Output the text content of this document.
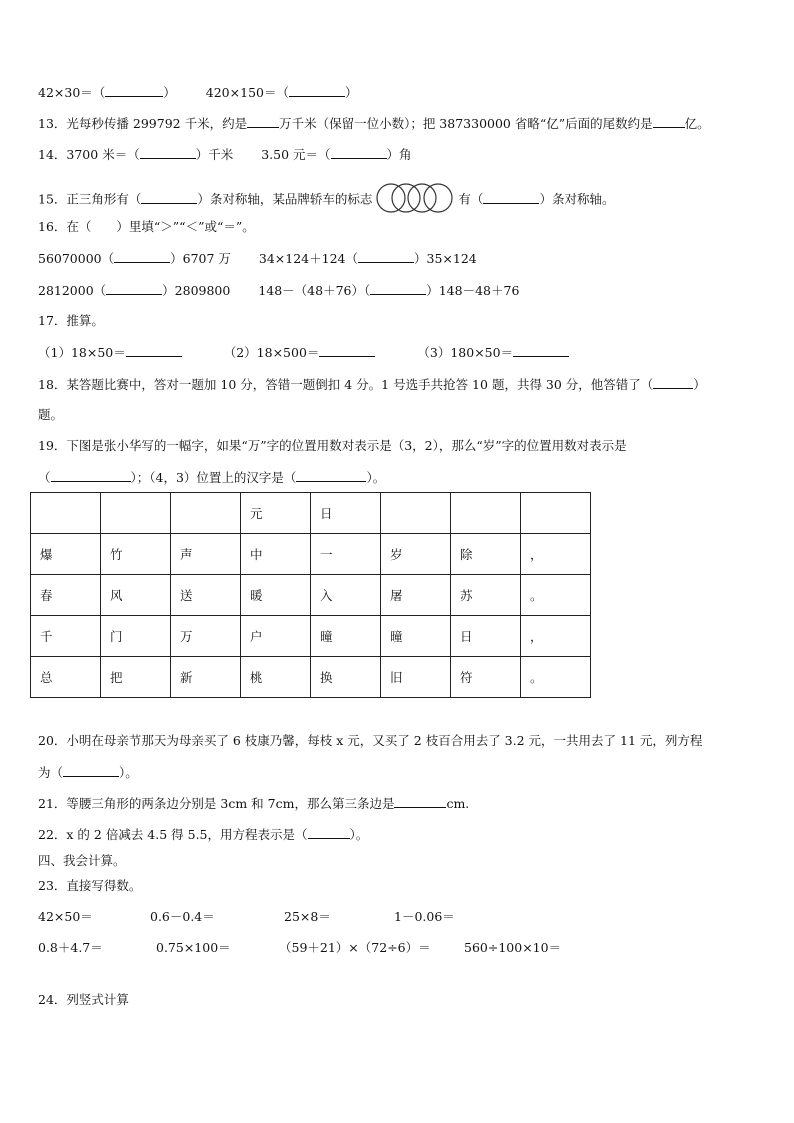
42×30＝（	） 420×150＝（	）
13．光每秒传播 299792 千米，约是	万千米（保留一位小数）；把 387330000 省略“亿”后面的尾数约是	亿。
14．3700 米＝（	）千米 3.50 元＝（	）角
15．正三角形有（	）条对称轴，某品牌轿车的标志	有（	）条对称轴。
16．在（　　）里填“＞”“＜”或“＝”。
56070000（	）6707 万 34×124＋124（	）35×124
2812000（	）2809800 148－（48＋76）（	）148－48＋76
17．推算。
（1）18×50＝	（2）18×500＝	（3）180×50＝
18．某答题比赛中，答对一题加 10 分，答错一题倒扣 4 分。1 号选手共抢答 10 题，共得 30 分，他答错了（	）
题。
19．下图是张小华写的一幅字，如果“万”字的位置用数对表示是（3，2），那么“岁”字的位置用数对表示是
（	）；（4，3）位置上的汉字是（	）。
			元	日			
爆	竹	声	中	一	岁	除	，
春	风	送	暖	入	屠	苏	。
千	门	万	户	曈	曈	日	，
总	把	新	桃	换	旧	符	。
20．小明在母亲节那天为母亲买了 6 枝康乃馨，每枝 x 元，又买了 2 枝百合用去了 3.2 元，一共用去了 11 元，列方程
为（	）。
21．等腰三角形的两条边分别是 3cm 和 7cm，那么第三条边是	cm.
22．x 的 2 倍减去 4.5 得 5.5，用方程表示是（	）。
四、我会计算。
23．直接写得数。
42×50＝	0.6－0.4＝	25×8＝	1－0.06＝
0.8＋4.7＝	0.75×100＝	（59＋21）×（72÷6）＝	560÷100×10＝
24．列竖式计算
